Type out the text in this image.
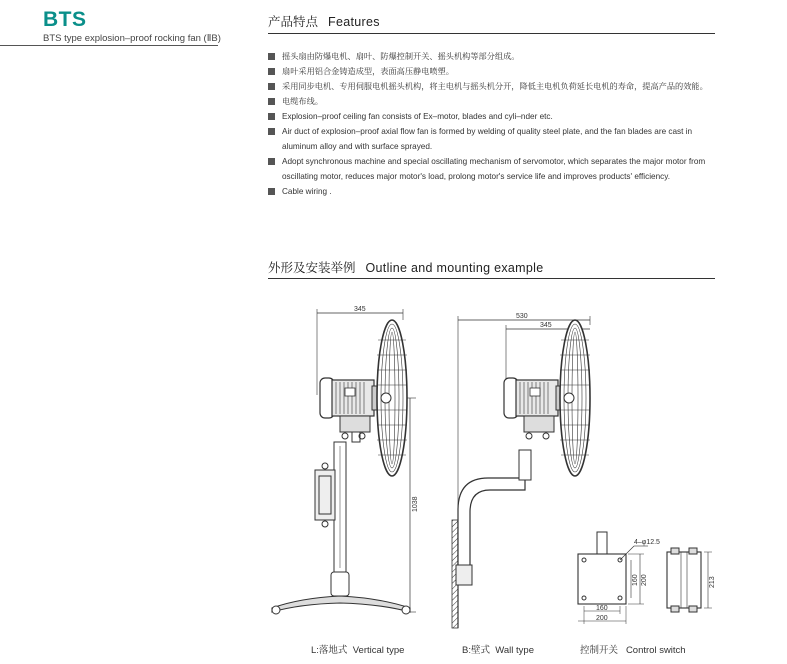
BTS
BTS type explosion–proof rocking fan (ⅡB)
产品特点 Features
摇头扇由防爆电机、扇叶、防爆控制开关、摇头机构等部分组成。
扇叶采用铝合金铸造成型，表面高压静电喷塑。
采用同步电机、专用伺服电机摇头机构，将主电机与摇头机分开，降低主电机负荷延长电机的寿命，提高产品的效能。
电缆布线。
Explosion–proof ceiling fan consists of Ex–motor, blades and cyli–nder etc.
Air duct of explosion–proof axial flow fan is formed by welding of quality steel plate, and the fan blades are cast in aluminum alloy and with surface sprayed.
Adopt synchronous machine and special oscillating mechanism of servomotor, which separates the major motor from oscillating motor, reduces major motor's load, prolong motor's service life and improves products' efficiency.
Cable wiring .
外形及安装举例 Outline and mounting example
345
1038
530
345
4–φ12.5
160 200	213
160
200
L:落地式 Vertical type	B:壁式 Wall type	控制开关 Control switch
